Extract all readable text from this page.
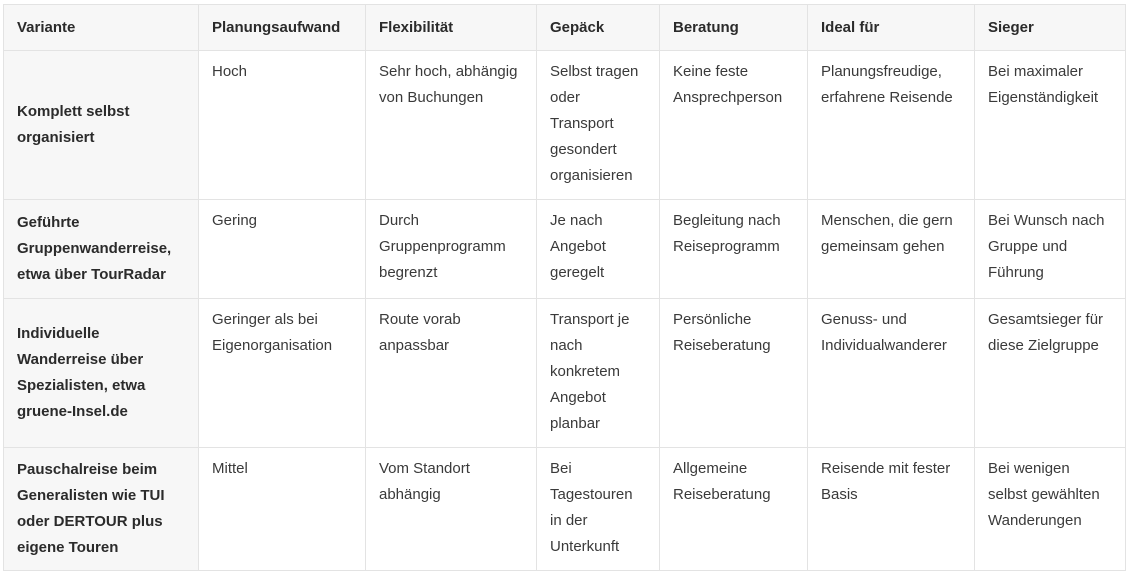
Variante	Planungsaufwand	Flexibilität	Gepäck	Beratung	Ideal für	Sieger
Komplett selbst organisiert	Hoch	Sehr hoch, abhängig von Buchungen	Selbst tragen oder Transport gesondert organisieren	Keine feste Ansprechperson	Planungsfreudige, erfahrene Reisende	Bei maximaler Eigenständigkeit
Geführte Gruppenwanderreise, etwa über TourRadar	Gering	Durch Gruppenprogramm begrenzt	Je nach Angebot geregelt	Begleitung nach Reiseprogramm	Menschen, die gern gemeinsam gehen	Bei Wunsch nach Gruppe und Führung
Individuelle Wanderreise über Spezialisten, etwa gruene-Insel.de	Geringer als bei Eigenorganisation	Route vorab anpassbar	Transport je nach konkretem Angebot planbar	Persönliche Reiseberatung	Genuss- und Individualwanderer	Gesamtsieger für diese Zielgruppe
Pauschalreise beim Generalisten wie TUI oder DERTOUR plus eigene Touren	Mittel	Vom Standort abhängig	Bei Tagestouren in der Unterkunft	Allgemeine Reiseberatung	Reisende mit fester Basis	Bei wenigen selbst gewählten Wanderungen
